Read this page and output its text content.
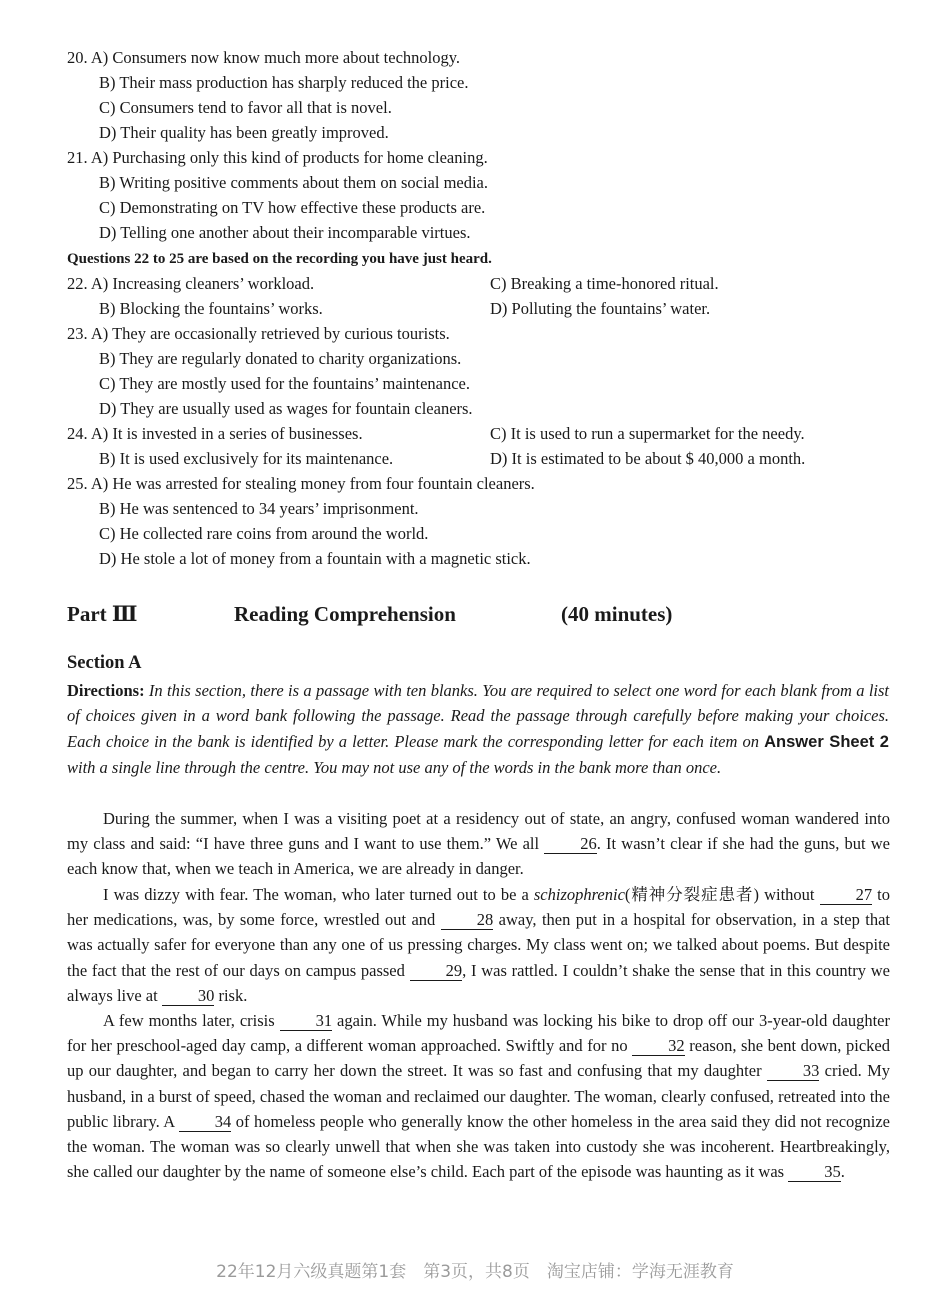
20. A) Consumers now know much more about technology.
B) Their mass production has sharply reduced the price.
C) Consumers tend to favor all that is novel.
D) Their quality has been greatly improved.
21. A) Purchasing only this kind of products for home cleaning.
B) Writing positive comments about them on social media.
C) Demonstrating on TV how effective these products are.
D) Telling one another about their incomparable virtues.
Questions 22 to 25 are based on the recording you have just heard.
22. A) Increasing cleaners’ workload.	C) Breaking a time-honored ritual.
B) Blocking the fountains’ works.	D) Polluting the fountains’ water.
23. A) They are occasionally retrieved by curious tourists.
B) They are regularly donated to charity organizations.
C) They are mostly used for the fountains’ maintenance.
D) They are usually used as wages for fountain cleaners.
24. A) It is invested in a series of businesses.	C) It is used to run a supermarket for the needy.
B) It is used exclusively for its maintenance.	D) It is estimated to be about $ 40,000 a month.
25. A) He was arrested for stealing money from four fountain cleaners.
B) He was sentenced to 34 years’ imprisonment.
C) He collected rare coins from around the world.
D) He stole a lot of money from a fountain with a magnetic stick.
Part Ⅲ	Reading Comprehension	(40 minutes)
Section A
Directions: In this section, there is a passage with ten blanks. You are required to select one word for each blank from a list of choices given in a word bank following the passage. Read the passage through carefully before making your choices. Each choice in the bank is identified by a letter. Please mark the corresponding letter for each item on Answer Sheet 2 with a single line through the centre. You may not use any of the words in the bank more than once.
During the summer, when I was a visiting poet at a residency out of state, an angry, confused woman wandered into my class and said: “I have three guns and I want to use them.” We all 26. It wasn’t clear if she had the guns, but we each know that, when we teach in America, we are already in danger.
I was dizzy with fear. The woman, who later turned out to be a schizophrenic(精神分裂症患者) without 27 to her medications, was, by some force, wrestled out and 28 away, then put in a hospital for observation, in a step that was actually safer for everyone than any one of us pressing charges. My class went on; we talked about poems. But despite the fact that the rest of our days on campus passed 29, I was rattled. I couldn’t shake the sense that in this country we always live at 30 risk.
A few months later, crisis 31 again. While my husband was locking his bike to drop off our 3-year-old daughter for her preschool-aged day camp, a different woman approached. Swiftly and for no 32 reason, she bent down, picked up our daughter, and began to carry her down the street. It was so fast and confusing that my daughter 33 cried. My husband, in a burst of speed, chased the woman and reclaimed our daughter. The woman, clearly confused, retreated into the public library. A 34 of homeless people who generally know the other homeless in the area said they did not recognize the woman. The woman was so clearly unwell that when she was taken into custody she was incoherent. Heartbreakingly, she called our daughter by the name of someone else’s child. Each part of the episode was haunting as it was 35.
22年12月六级真题第1套　第3页，共8页　淘宝店铺：学海无涯教育
